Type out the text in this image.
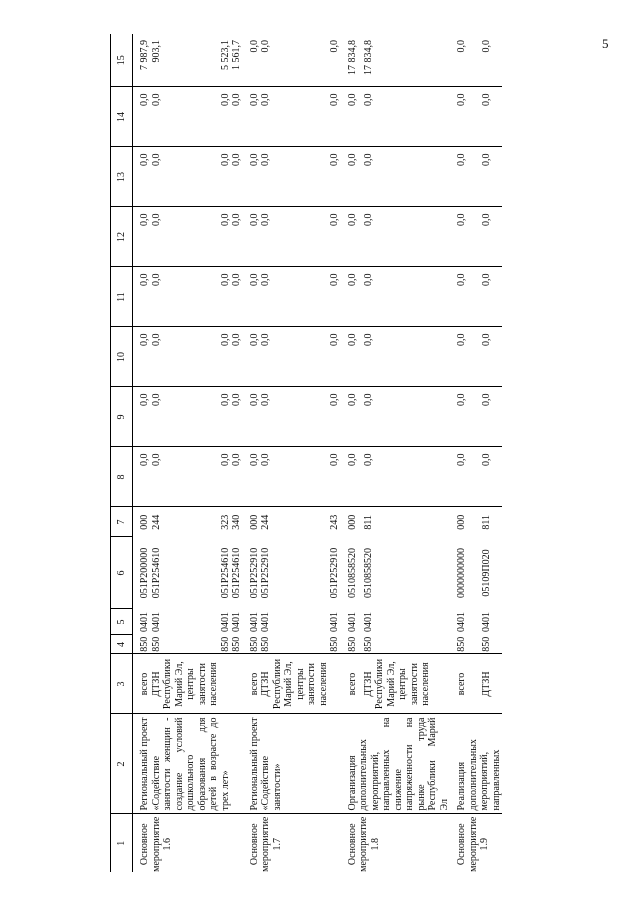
5
1	2	3	4	5	6	7	8	9	10	11	12	13	14	15
Основное мероприятие 1.6	Региональный проект «Содействие занятости женщин - создание условий дошкольного образования для детей в возрасте до трех лет»	всего	850	0401	051P200000	000	0,0	0,0	0,0	0,0	0,0	0,0	0,0	7 987,9
		ДТЗН Республики Марий Эл, центры занятости населения	850	0401	051P254610	244	0,0	0,0	0,0	0,0	0,0	0,0	0,0	903,1
			850	0401	051P254610	323	0,0	0,0	0,0	0,0	0,0	0,0	0,0	5 523,1
			850	0401	051P254610	340	0,0	0,0	0,0	0,0	0,0	0,0	0,0	1 561,7
Основное мероприятие 1.7	Региональный проект «Содействие занятости»	всего	850	0401	051P252910	000	0,0	0,0	0,0	0,0	0,0	0,0	0,0	0,0
		ДТЗН Республики Марий Эл, центры занятости населения	850	0401	051P252910	244	0,0	0,0	0,0	0,0	0,0	0,0	0,0	0,0
			850	0401	051P252910	243	0,0	0,0	0,0	0,0	0,0	0,0	0,0	0,0
Основное мероприятие 1.8	Организация дополнительных мероприятий, направленных на снижение напряженности на рынке труда Республики Марий Эл	всего	850	0401	0510858520	000	0,0	0,0	0,0	0,0	0,0	0,0	0,0	17 834,8
		ДТЗН Республики Марий Эл, центры занятости населения	850	0401	0510858520	811	0,0	0,0	0,0	0,0	0,0	0,0	0,0	17 834,8
Основное мероприятие 1.9	Реализация дополнительных мероприятий, направленных	всего	850	0401	0000000000	000	0,0	0,0	0,0	0,0	0,0	0,0	0,0	0,0
		ДТЗН	850	0401	05109П020	811	0,0	0,0	0,0	0,0	0,0	0,0	0,0	0,0
